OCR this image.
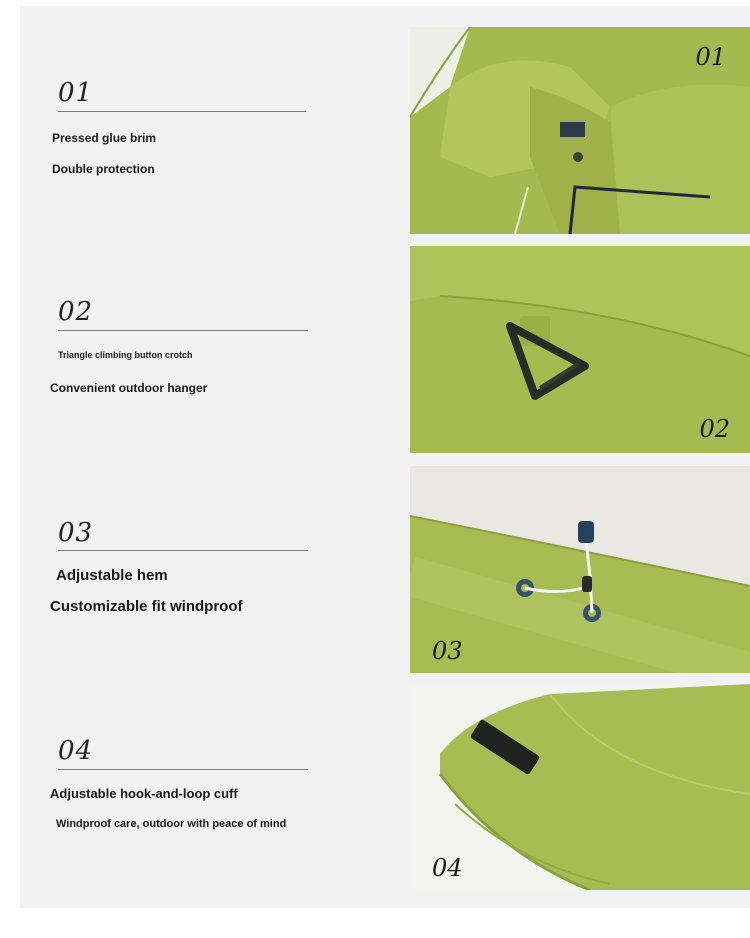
01
Pressed glue brim
Double protection
02
Triangle climbing button crotch
Convenient outdoor hanger
03
Adjustable hem
Customizable fit windproof
04
Adjustable hook-and-loop cuff
Windproof care, outdoor with peace of mind
01
02
03
04
